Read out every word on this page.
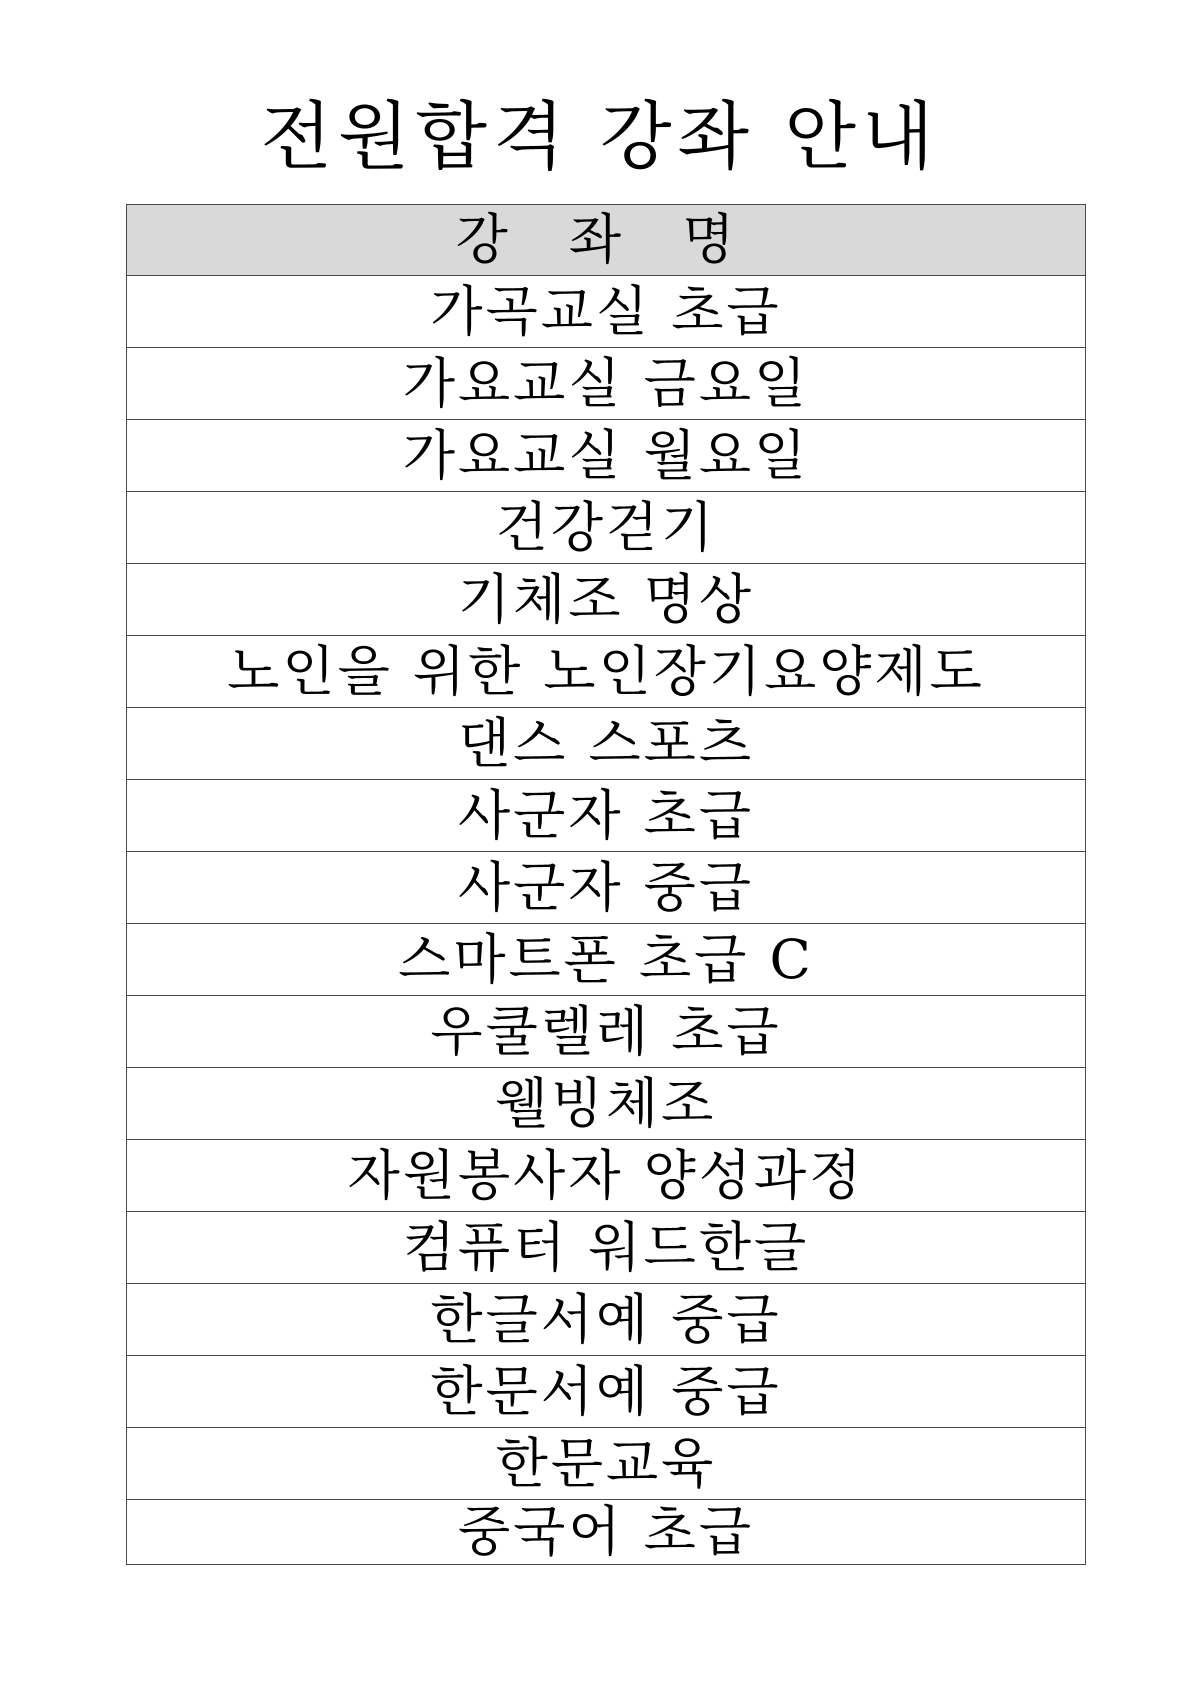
전원합격 강좌 안내
강 좌 명
가곡교실 초급
가요교실 금요일
가요교실 월요일
건강걷기
기체조 명상
노인을 위한 노인장기요양제도
댄스 스포츠
사군자 초급
사군자 중급
스마트폰 초급 C
우쿨렐레 초급
웰빙체조
자원봉사자 양성과정
컴퓨터 워드한글
한글서예 중급
한문서예 중급
한문교육
중국어 초급
